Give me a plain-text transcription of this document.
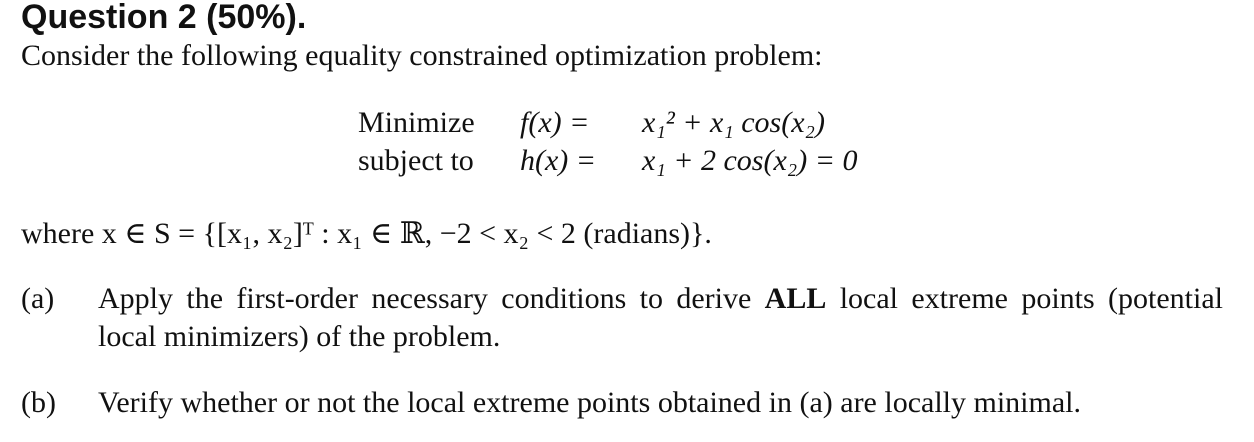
Question 2 (50%).
Consider the following equality constrained optimization problem:
Minimize f(x) = x₁² + x₁ cos(x₂)
subject to h(x) = x₁ + 2 cos(x₂) = 0
where x ∈ S = {[x₁, x₂]ᵀ : x₁ ∈ ℝ, −2 < x₂ < 2 (radians)}.
(a) Apply the first-order necessary conditions to derive ALL local extreme points (potential local minimizers) of the problem.
(b) Verify whether or not the local extreme points obtained in (a) are locally minimal.
